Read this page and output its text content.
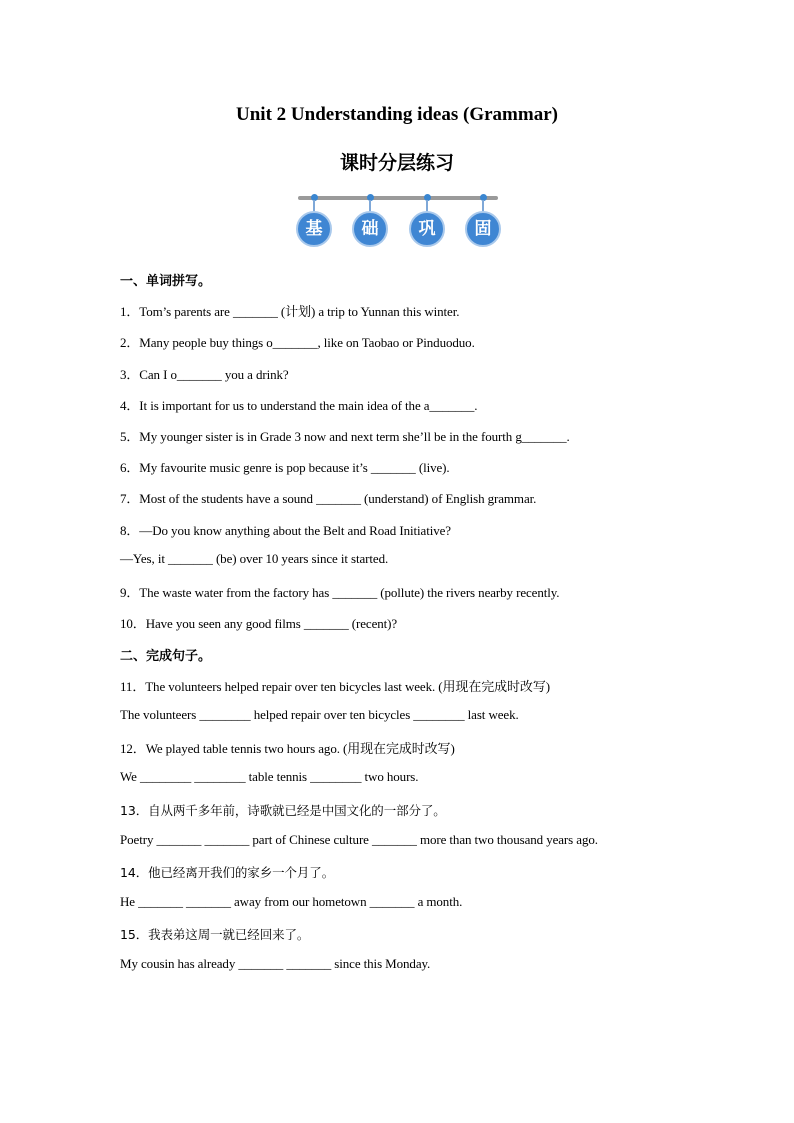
Unit 2 Understanding ideas (Grammar)
课时分层练习
基	础	巩	固
一、单词拼写。
1．Tom’s parents are _______ (计划) a trip to Yunnan this winter.
2．Many people buy things o_______, like on Taobao or Pinduoduo.
3．Can I o_______ you a drink?
4．It is important for us to understand the main idea of the a_______.
5．My younger sister is in Grade 3 now and next term she’ll be in the fourth g_______.
6．My favourite music genre is pop because it’s _______ (live).
7．Most of the students have a sound _______ (understand) of English grammar.
8．—Do you know anything about the Belt and Road Initiative?
—Yes, it _______ (be) over 10 years since it started.
9．The waste water from the factory has _______ (pollute) the rivers nearby recently.
10．Have you seen any good films _______ (recent)?
二、完成句子。
11．The volunteers helped repair over ten bicycles last week. (用现在完成时改写)
The volunteers ________ helped repair over ten bicycles ________ last week.
12．We played table tennis two hours ago. (用现在完成时改写)
We ________ ________ table tennis ________ two hours.
13．自从两千多年前，诗歌就已经是中国文化的一部分了。
Poetry _______ _______ part of Chinese culture _______ more than two thousand years ago.
14．他已经离开我们的家乡一个月了。
He _______ _______ away from our hometown _______ a month.
15．我表弟这周一就已经回来了。
My cousin has already _______ _______ since this Monday.
